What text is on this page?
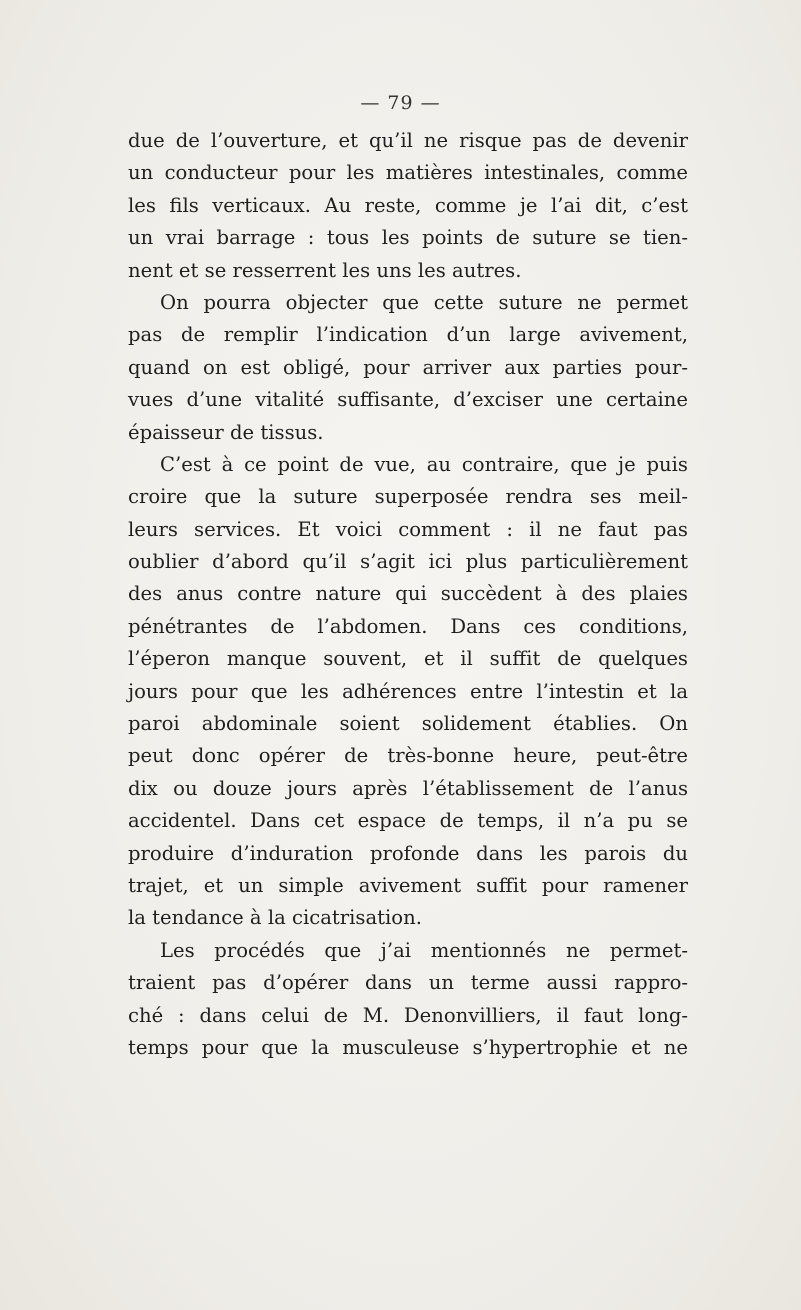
— 79 —
due de l’ouverture, et qu’il ne risque pas de devenir
un conducteur pour les matières intestinales, comme
les fils verticaux. Au reste, comme je l’ai dit, c’est
un vrai barrage : tous les points de suture se tien-
nent et se resserrent les uns les autres.
On pourra objecter que cette suture ne permet
pas de remplir l’indication d’un large avivement,
quand on est obligé, pour arriver aux parties pour-
vues d’une vitalité suffisante, d’exciser une certaine
épaisseur de tissus.
C’est à ce point de vue, au contraire, que je puis
croire que la suture superposée rendra ses meil-
leurs services. Et voici comment : il ne faut pas
oublier d’abord qu’il s’agit ici plus particulièrement
des anus contre nature qui succèdent à des plaies
pénétrantes de l’abdomen. Dans ces conditions,
l’éperon manque souvent, et il suffit de quelques
jours pour que les adhérences entre l’intestin et la
paroi abdominale soient solidement établies. On
peut donc opérer de très-bonne heure, peut-être
dix ou douze jours après l’établissement de l’anus
accidentel. Dans cet espace de temps, il n’a pu se
produire d’induration profonde dans les parois du
trajet, et un simple avivement suffit pour ramener
la tendance à la cicatrisation.
Les procédés que j’ai mentionnés ne permet-
traient pas d’opérer dans un terme aussi rappro-
ché : dans celui de M. Denonvilliers, il faut long-
temps pour que la musculeuse s’hypertrophie et ne
